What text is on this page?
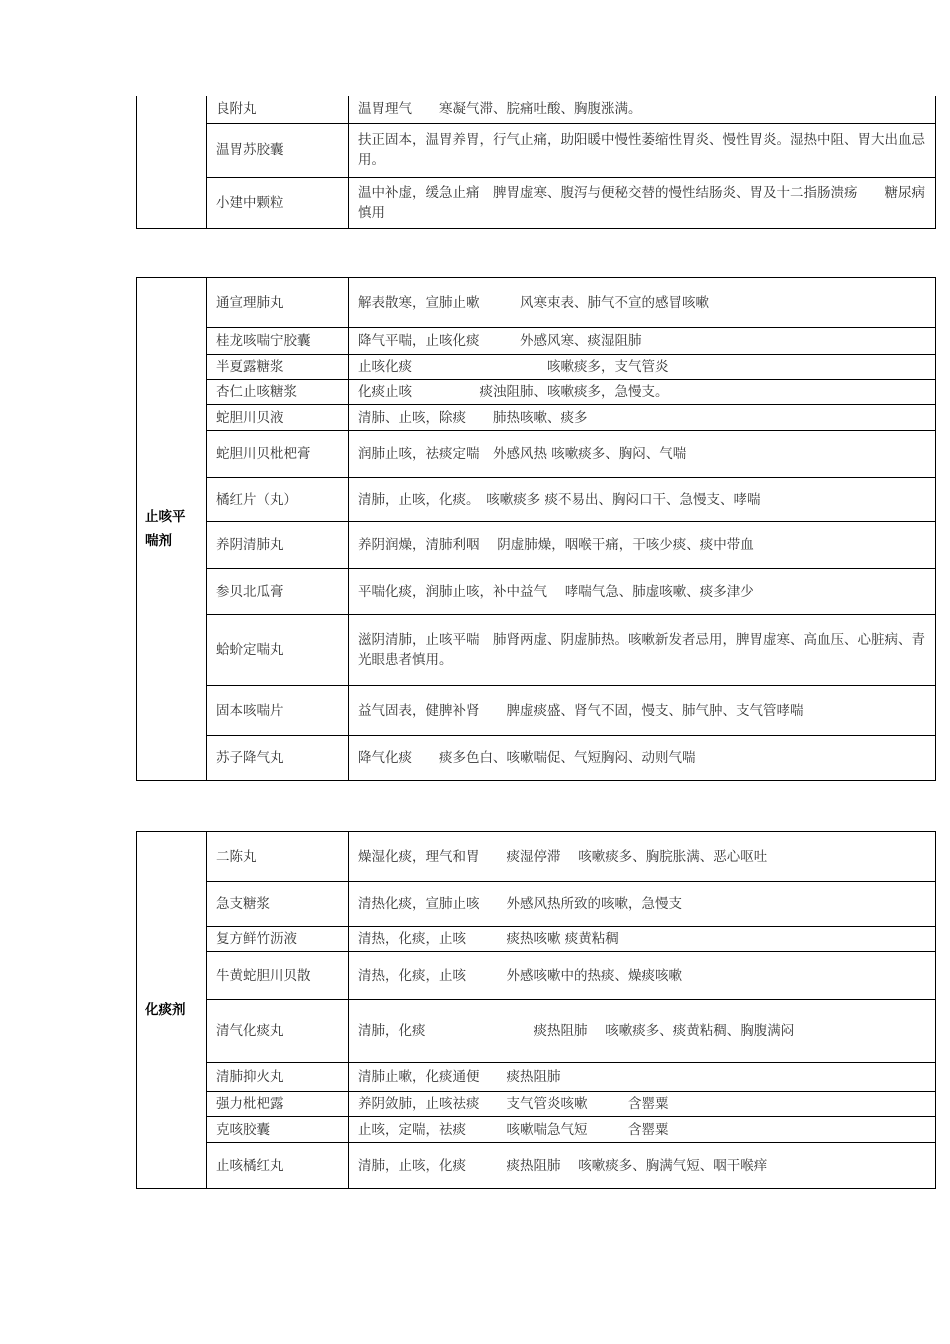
	良附丸	温胃理气　　寒凝气滞、脘痛吐酸、胸腹涨满。
	温胃苏胶囊	扶正固本，温胃养胃，行气止痛，助阳暖中慢性萎缩性胃炎、慢性胃炎。湿热中阻、胃大出血忌用。
	小建中颗粒	温中补虚，缓急止痛　脾胃虚寒、腹泻与便秘交替的慢性结肠炎、胃及十二指肠溃疡　　糖尿病慎用
止咳平喘剂	通宣理肺丸	解表散寒，宣肺止嗽　　　风寒束表、肺气不宣的感冒咳嗽
	桂龙咳喘宁胶囊	降气平喘，止咳化痰　　　外感风寒、痰湿阻肺
	半夏露糖浆	止咳化痰　　　　　　　　　　咳嗽痰多，支气管炎
	杏仁止咳糖浆	化痰止咳　　　　　痰浊阻肺、咳嗽痰多，急慢支。
	蛇胆川贝液	清肺、止咳，除痰　　肺热咳嗽、痰多
	蛇胆川贝枇杷膏	润肺止咳，祛痰定喘　外感风热 咳嗽痰多、胸闷、气喘
	橘红片（丸）	清肺，止咳，化痰。　咳嗽痰多 痰不易出、胸闷口干、急慢支、哮喘
	养阴清肺丸	养阴润燥，清肺利咽　 阴虚肺燥，咽喉干痛，干咳少痰、痰中带血
	参贝北瓜膏	平喘化痰，润肺止咳，补中益气　 哮喘气急、肺虚咳嗽、痰多津少
	蛤蚧定喘丸	滋阴清肺，止咳平喘　肺肾两虚、阴虚肺热。咳嗽新发者忌用，脾胃虚寒、高血压、心脏病、青光眼患者慎用。
	固本咳喘片	益气固表，健脾补肾　　脾虚痰盛、肾气不固，慢支、肺气肿、支气管哮喘
	苏子降气丸	降气化痰　　痰多色白、咳嗽喘促、气短胸闷、动则气喘
化痰剂	二陈丸	燥湿化痰，理气和胃　　痰湿停滞　 咳嗽痰多、胸脘胀满、恶心呕吐
	急支糖浆	清热化痰，宣肺止咳　　外感风热所致的咳嗽，急慢支
	复方鲜竹沥液	清热，化痰，止咳　　　痰热咳嗽 痰黄粘稠
	牛黄蛇胆川贝散	清热，化痰，止咳　　　外感咳嗽中的热痰、燥痰咳嗽
	清气化痰丸	清肺，化痰　　　　　　　　痰热阻肺　 咳嗽痰多、痰黄粘稠、胸腹满闷
	清肺抑火丸	清肺止嗽，化痰通便　　痰热阻肺
	强力枇杷露	养阴敛肺，止咳祛痰　　支气管炎咳嗽　　　含罂粟
	克咳胶囊	止咳，定喘，祛痰　　　咳嗽喘急气短　　　含罂粟
	止咳橘红丸	清肺，止咳，化痰　　　痰热阻肺　 咳嗽痰多、胸满气短、咽干喉痒
